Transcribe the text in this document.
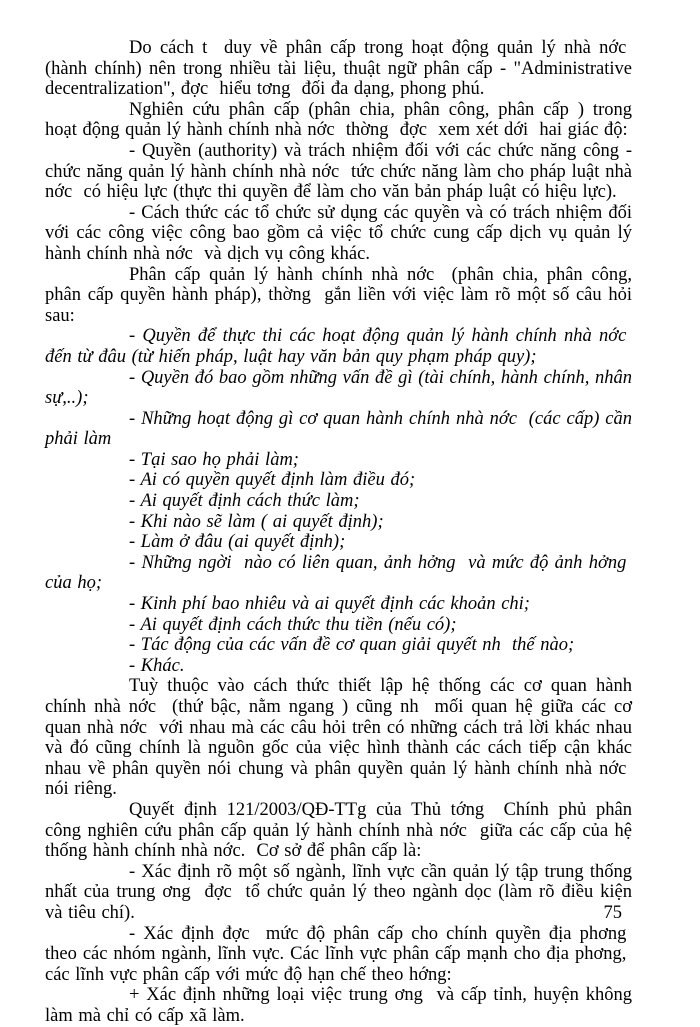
Do cách t  duy về phân cấp trong hoạt động quản lý nhà nớc  (hành chính) nên trong nhiều tài liệu, thuật ngữ phân cấp - "Administrative decentralization", đợc  hiểu tơng  đối đa dạng, phong phú.

Nghiên cứu phân cấp (phân chia, phân công, phân cấp ) trong hoạt động quản lý hành chính nhà nớc  thờng  đợc  xem xét dới  hai giác độ:

- Quyền (authority) và trách nhiệm đối với các chức năng công - chức năng quản lý hành chính nhà nớc  tức chức năng làm cho pháp luật nhà nớc  có hiệu lực (thực thi quyền để làm cho văn bản pháp luật có hiệu lực).

- Cách thức các tổ chức sử dụng các quyền và có trách nhiệm đối với các công việc công bao gồm cả việc tổ chức cung cấp dịch vụ quản lý hành chính nhà nớc  và dịch vụ công khác.

Phân cấp quản lý hành chính nhà nớc  (phân chia, phân công, phân cấp quyền hành pháp), thờng  gắn liền với việc làm rõ một số câu hỏi sau:

- Quyền để thực thi các hoạt động quản lý hành chính nhà nớc  đến từ đâu (từ hiến pháp, luật hay văn bản quy phạm pháp quy);

- Quyền đó bao gồm những vấn đề gì (tài chính, hành chính, nhân sự,..);

- Những hoạt động gì cơ quan hành chính nhà nớc  (các cấp) cần phải làm

- Tại sao họ phải làm;

- Ai có quyền quyết định làm điều đó;

- Ai quyết định cách thức làm;

- Khi nào sẽ làm ( ai quyết định);

- Làm ở đâu (ai quyết định);

- Những ngời  nào có liên quan, ảnh hởng  và mức độ ảnh hởng  của họ;

- Kinh phí bao nhiêu và ai quyết định các khoản chi;

- Ai quyết định cách thức thu tiền (nếu có);

- Tác động của các vấn đề cơ quan giải quyết nh  thế nào;

- Khác.

Tuỳ thuộc vào cách thức thiết lập hệ thống các cơ quan hành chính nhà nớc  (thứ bậc, nằm ngang ) cũng nh  mối quan hệ giữa các cơ quan nhà nớc  với nhau mà các câu hỏi trên có những cách trả lời khác nhau và đó cũng chính là nguồn gốc của việc hình thành các cách tiếp cận khác nhau về phân quyền nói chung và phân quyền quản lý hành chính nhà nớc  nói riêng.

Quyết định 121/2003/QĐ-TTg của Thủ tớng  Chính phủ phân công nghiên cứu phân cấp quản lý hành chính nhà nớc  giữa các cấp của hệ thống hành chính nhà nớc.  Cơ sở để phân cấp là:

- Xác định rõ một số ngành, lĩnh vực cần quản lý tập trung thống nhất của trung ơng  đợc  tổ chức quản lý theo ngành dọc (làm rõ điều kiện và tiêu chí).

- Xác định đợc  mức độ phân cấp cho chính quyền địa phơng  theo các nhóm ngành, lĩnh vực. Các lĩnh vực phân cấp mạnh cho địa phơng,  các lĩnh vực phân cấp với mức độ hạn chế theo hớng:

+ Xác định những loại việc trung ơng  và cấp tỉnh, huyện không làm mà chỉ có cấp xã làm.

75
